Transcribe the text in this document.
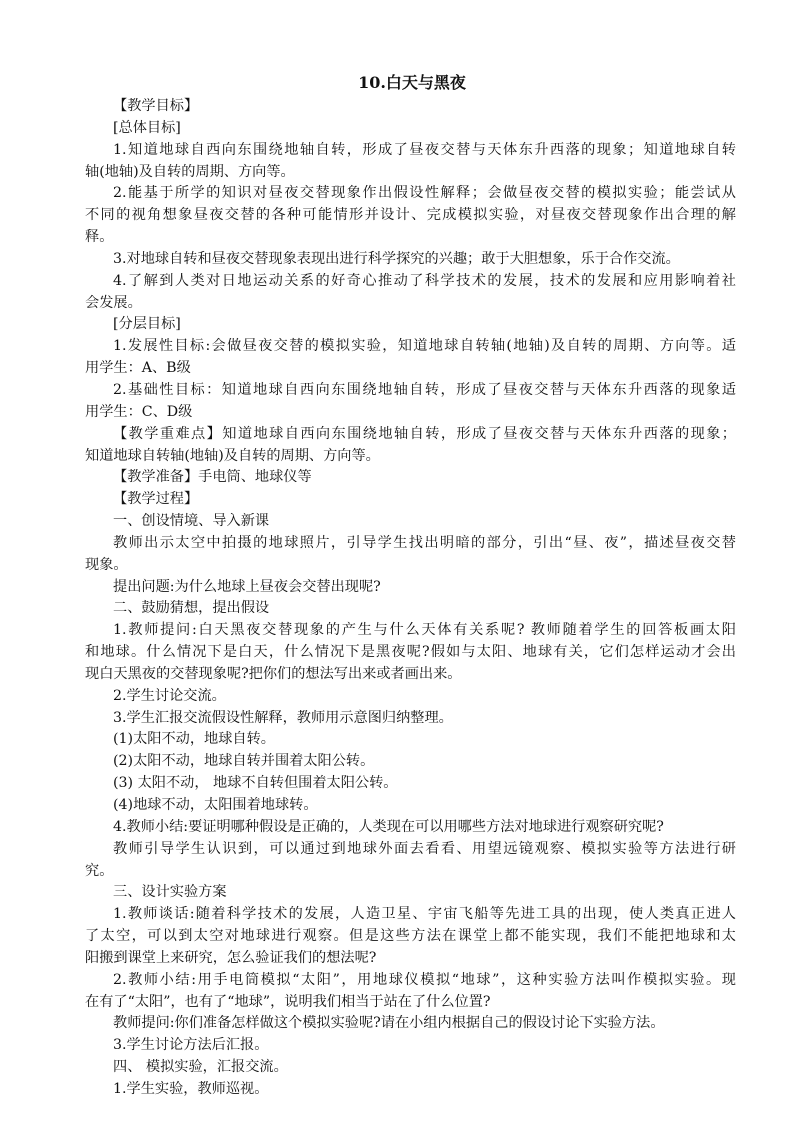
10.白天与黑夜
【教学目标】
[总体目标]
1.知道地球自西向东围绕地轴自转，形成了昼夜交替与天体东升西落的现象；知道地球自转
轴(地轴)及自转的周期、方向等。
2.能基于所学的知识对昼夜交替现象作出假设性解释；会做昼夜交替的模拟实验；能尝试从
不同的视角想象昼夜交替的各种可能情形并设计、完成模拟实验，对昼夜交替现象作出合理的解
释。
3.对地球自转和昼夜交替现象表现出进行科学探究的兴趣；敢于大胆想象，乐于合作交流。
4.了解到人类对日地运动关系的好奇心推动了科学技术的发展，技术的发展和应用影响着社
会发展。
[分层目标]
1.发展性目标:会做昼夜交替的模拟实验，知道地球自转轴(地轴)及自转的周期、方向等。适
用学生：A、B级
2.基础性目标：知道地球自西向东围绕地轴自转，形成了昼夜交替与天体东升西落的现象适
用学生：C、D级
【教学重难点】知道地球自西向东围绕地轴自转，形成了昼夜交替与天体东升西落的现象；
知道地球自转轴(地轴)及自转的周期、方向等。
【教学准备】手电筒、地球仪等
【教学过程】
一、创设情境、导入新课
教师出示太空中拍摄的地球照片，引导学生找出明暗的部分，引出“昼、夜”，描述昼夜交替
现象。
提出问题:为什么地球上昼夜会交替出现呢?
二、鼓励猜想，提出假设
1.教师提问:白天黑夜交替现象的产生与什么天体有关系呢? 教师随着学生的回答板画太阳
和地球。什么情况下是白天，什么情况下是黑夜呢?假如与太阳、地球有关，它们怎样运动才会出
现白天黑夜的交替现象呢?把你们的想法写出来或者画出来。
2.学生讨论交流。
3.学生汇报交流假设性解释，教师用示意图归纳整理。
(1)太阳不动，地球自转。
(2)太阳不动，地球自转并围着太阳公转。
(3) 太阳不动， 地球不自转但围着太阳公转。
(4)地球不动，太阳围着地球转。
4.教师小结:要证明哪种假设是正确的，人类现在可以用哪些方法对地球进行观察研究呢?
教师引导学生认识到，可以通过到地球外面去看看、用望远镜观察、模拟实验等方法进行研
究。
三、设计实验方案
1.教师谈话:随着科学技术的发展，人造卫星、宇宙飞船等先进工具的出现，使人类真正进人
了太空，可以到太空对地球进行观察。但是这些方法在课堂上都不能实现，我们不能把地球和太
阳搬到课堂上来研究，怎么验证我们的想法呢?
2.教师小结:用手电筒模拟“太阳”，用地球仪模拟“地球”，这种实验方法叫作模拟实验。现
在有了“太阳”，也有了“地球”，说明我们相当于站在了什么位置?
教师提问:你们准备怎样做这个模拟实验呢?请在小组内根据自己的假设讨论下实验方法。
3.学生讨论方法后汇报。
四、 模拟实验，汇报交流。
1.学生实验，教师巡视。
